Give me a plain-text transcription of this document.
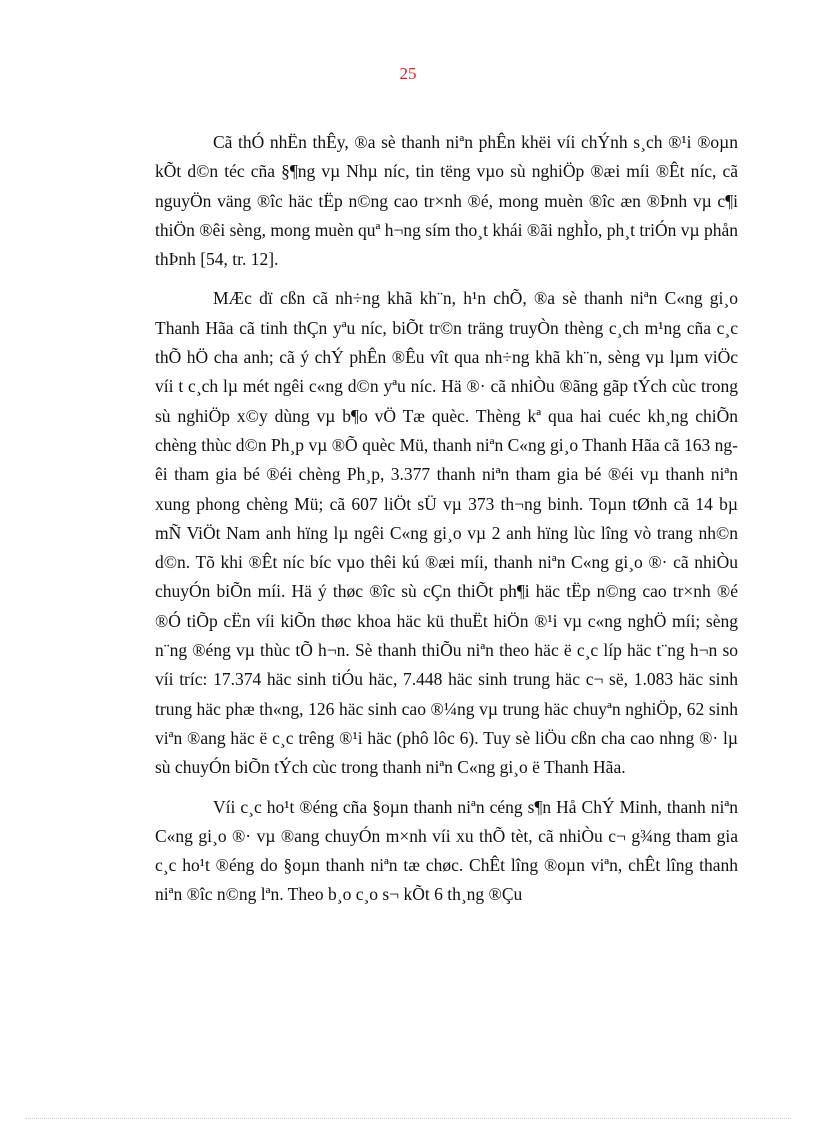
25

Cã thÓ nhËn thÊy, ®a sè thanh niªn phÊn khëi víi chÝnh s¸ch ®¹i ®oµn kÕt d©n téc cña §¶ng vµ Nhµ níc, tin tëng vµo sù nghiÖp ®æi míi ®Êt níc, cã nguyÖn väng ®îc häc tËp n©ng cao tr×nh ®é, mong muèn ®îc æn ®Þnh vµ c¶i thiÖn ®êi sèng, mong muèn quª h¬ng sím tho¸t khái ®ãi nghÌo, ph¸t triÓn vµ phån thÞnh [54, tr. 12].

MÆc dï cßn cã nh÷ng khã kh¨n, h¹n chÕ, ®a sè thanh niªn C«ng gi¸o Thanh Hãa cã tinh thÇn yªu níc, biÕt tr©n träng truyÒn thèng c¸ch m¹ng cña c¸c thÕ hÖ cha anh; cã ý chÝ phÊn ®Êu vît qua nh÷ng khã kh¨n, sèng vµ lµm viÖc víi t c¸ch lµ mét ngêi c«ng d©n yªu níc. Hä ®· cã nhiÒu ®ãng gãp tÝch cùc trong sù nghiÖp x©y dùng vµ b¶o vÖ Tæ quèc. Thèng kª qua hai cuéc kh¸ng chiÕn chèng thùc d©n Ph¸p vµ ®Õ quèc Mü, thanh niªn C«ng gi¸o Thanh Hãa cã 163 ngêi tham gia bé ®éi chèng Ph¸p, 3.377 thanh niªn tham gia bé ®éi vµ thanh niªn xung phong chèng Mü; cã 607 liÖt sÜ vµ 373 th¬ng binh. Toµn tØnh cã 14 bµ mÑ ViÖt Nam anh hïng lµ ngêi C«ng gi¸o vµ 2 anh hïng lùc lîng vò trang nh©n d©n. Tõ khi ®Êt níc bíc vµo thêi kú ®æi míi, thanh niªn C«ng gi¸o ®· cã nhiÒu chuyÓn biÕn míi. Hä ý thøc ®îc sù cÇn thiÕt ph¶i häc tËp n©ng cao tr×nh ®é ®Ó tiÕp cËn víi kiÕn thøc khoa häc kü thuËt hiÖn ®¹i vµ c«ng nghÖ míi; sèng n¨ng ®éng vµ thùc tÕ h¬n. Sè thanh thiÕu niªn theo häc ë c¸c líp häc t¨ng h¬n so víi tríc: 17.374 häc sinh tiÓu häc, 7.448 häc sinh trung häc c¬ së, 1.083 häc sinh trung häc phæ th«ng, 126 häc sinh cao ®¼ng vµ trung häc chuyªn nghiÖp, 62 sinh viªn ®ang häc ë c¸c trêng ®¹i häc (phô lôc 6). Tuy sè liÖu cßn cha cao nhng ®· lµ sù chuyÓn biÕn tÝch cùc trong thanh niªn C«ng gi¸o ë Thanh Hãa.

Víi c¸c ho¹t ®éng cña §oµn thanh niªn céng s¶n Hå ChÝ Minh, thanh niªn C«ng gi¸o ®· vµ ®ang chuyÓn m×nh víi xu thÕ tèt, cã nhiÒu c¬ g¾ng tham gia c¸c ho¹t ®éng do §oµn thanh niªn tæ chøc. ChÊt lîng ®oµn viªn, chÊt lîng thanh niªn ®îc n©ng lªn. Theo b¸o c¸o s¬ kÕt 6 th¸ng ®Çu
